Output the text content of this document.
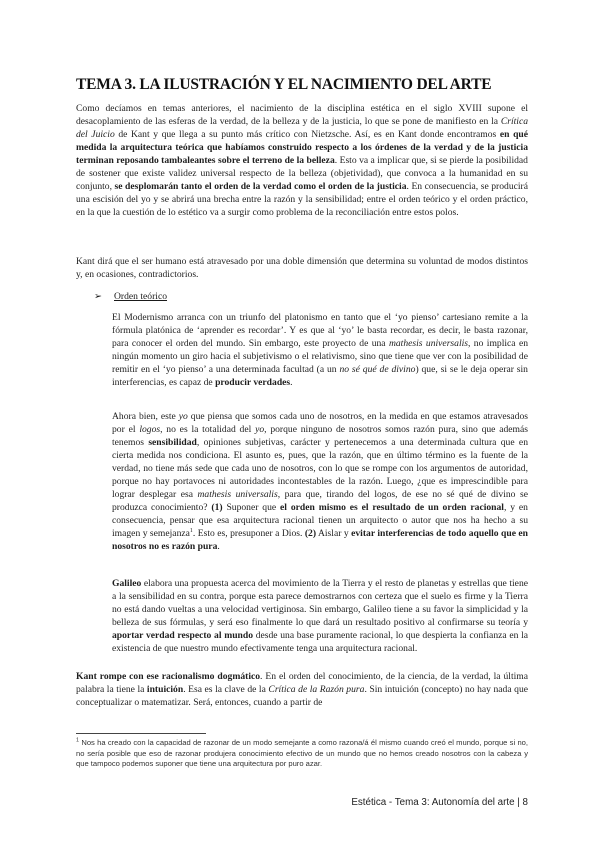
TEMA 3. LA ILUSTRACIÓN Y EL NACIMIENTO DEL ARTE
Como decíamos en temas anteriores, el nacimiento de la disciplina estética en el siglo XVIII supone el desacoplamiento de las esferas de la verdad, de la belleza y de la justicia, lo que se pone de manifiesto en la Crítica del Juicio de Kant y que llega a su punto más crítico con Nietzsche. Así, es en Kant donde encontramos en qué medida la arquitectura teórica que habíamos construido respecto a los órdenes de la verdad y de la justicia terminan reposando tambaleantes sobre el terreno de la belleza. Esto va a implicar que, si se pierde la posibilidad de sostener que existe validez universal respecto de la belleza (objetividad), que convoca a la humanidad en su conjunto, se desplomarán tanto el orden de la verdad como el orden de la justicia. En consecuencia, se producirá una escisión del yo y se abrirá una brecha entre la razón y la sensibilidad; entre el orden teórico y el orden práctico, en la que la cuestión de lo estético va a surgir como problema de la reconciliación entre estos polos.
Kant dirá que el ser humano está atravesado por una doble dimensión que determina su voluntad de modos distintos y, en ocasiones, contradictorios.
➢ Orden teórico
El Modernismo arranca con un triunfo del platonismo en tanto que el ‘yo pienso’ cartesiano remite a la fórmula platónica de ‘aprender es recordar’. Y es que al ‘yo’ le basta recordar, es decir, le basta razonar, para conocer el orden del mundo. Sin embargo, este proyecto de una mathesis universalis, no implica en ningún momento un giro hacia el subjetivismo o el relativismo, sino que tiene que ver con la posibilidad de remitir en el ‘yo pienso’ a una determinada facultad (a un no sé qué de divino) que, si se le deja operar sin interferencias, es capaz de producir verdades.
Ahora bien, este yo que piensa que somos cada uno de nosotros, en la medida en que estamos atravesados por el logos, no es la totalidad del yo, porque ninguno de nosotros somos razón pura, sino que además tenemos sensibilidad, opiniones subjetivas, carácter y pertenecemos a una determinada cultura que en cierta medida nos condiciona. El asunto es, pues, que la razón, que en último término es la fuente de la verdad, no tiene más sede que cada uno de nosotros, con lo que se rompe con los argumentos de autoridad, porque no hay portavoces ni autoridades incontestables de la razón. Luego, ¿que es imprescindible para lograr desplegar esa mathesis universalis, para que, tirando del logos, de ese no sé qué de divino se produzca conocimiento? (1) Suponer que el orden mismo es el resultado de un orden racional, y en consecuencia, pensar que esa arquitectura racional tienen un arquitecto o autor que nos ha hecho a su imagen y semejanza$^1$. Esto es, presuponer a Dios. (2) Aislar y evitar interferencias de todo aquello que en nosotros no es razón pura.
Galileo elabora una propuesta acerca del movimiento de la Tierra y el resto de planetas y estrellas que tiene a la sensibilidad en su contra, porque esta parece demostrarnos con certeza que el suelo es firme y la Tierra no está dando vueltas a una velocidad vertiginosa. Sin embargo, Galileo tiene a su favor la simplicidad y la belleza de sus fórmulas, y será eso finalmente lo que dará un resultado positivo al confirmarse su teoría y aportar verdad respecto al mundo desde una base puramente racional, lo que despierta la confianza en la existencia de que nuestro mundo efectivamente tenga una arquitectura racional.
Kant rompe con ese racionalismo dogmático. En el orden del conocimiento, de la ciencia, de la verdad, la última palabra la tiene la intuición. Esa es la clave de la Crítica de la Razón pura. Sin intuición (concepto) no hay nada que conceptualizar o matematizar. Será, entonces, cuando a partir de
$^1$ Nos ha creado con la capacidad de razonar de un modo semejante a como razona/á él mismo cuando creó el mundo, porque si no, no sería posible que eso de razonar produjera conocimiento efectivo de un mundo que no hemos creado nosotros con la cabeza y que tampoco podemos suponer que tiene una arquitectura por puro azar.
Estética - Tema 3: Autonomía del arte | 8
